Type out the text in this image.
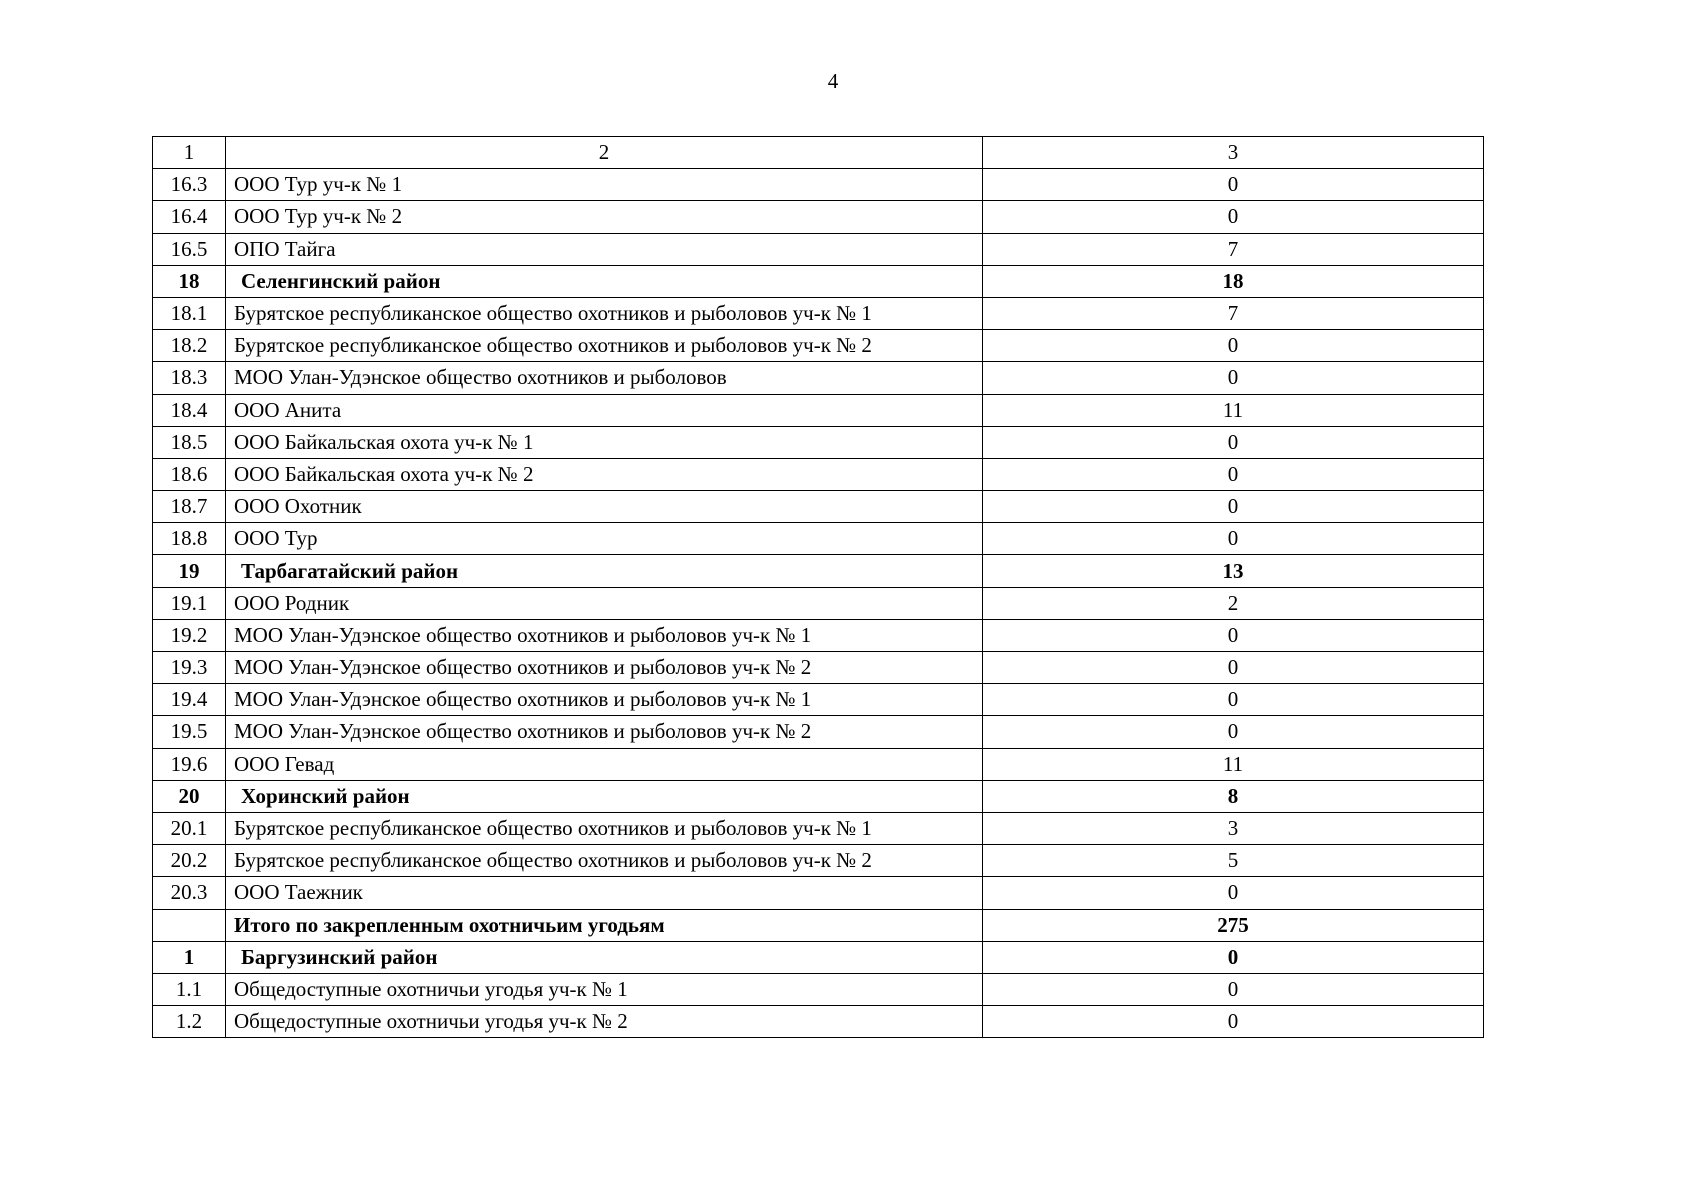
4
1	2	3
16.3	ООО Тур уч-к № 1	0
16.4	ООО Тур уч-к № 2	0
16.5	ОПО Тайга	7
18	Селенгинский район	18
18.1	Бурятское республиканское общество охотников и рыболовов уч-к № 1	7
18.2	Бурятское республиканское общество охотников и рыболовов уч-к № 2	0
18.3	МОО Улан-Удэнское общество охотников и рыболовов	0
18.4	ООО Анита	11
18.5	ООО Байкальская охота уч-к № 1	0
18.6	ООО Байкальская охота уч-к № 2	0
18.7	ООО Охотник	0
18.8	ООО Тур	0
19	Тарбагатайский район	13
19.1	ООО Родник	2
19.2	МОО Улан-Удэнское общество охотников и рыболовов уч-к № 1	0
19.3	МОО Улан-Удэнское общество охотников и рыболовов уч-к № 2	0
19.4	МОО Улан-Удэнское общество охотников и рыболовов уч-к № 1	0
19.5	МОО Улан-Удэнское общество охотников и рыболовов уч-к № 2	0
19.6	ООО Гевад	11
20	Хоринский район	8
20.1	Бурятское республиканское общество охотников и рыболовов уч-к № 1	3
20.2	Бурятское республиканское общество охотников и рыболовов уч-к № 2	5
20.3	ООО Таежник	0
	Итого по закрепленным охотничьим угодьям	275
1	Баргузинский район	0
1.1	Общедоступные охотничьи угодья уч-к № 1	0
1.2	Общедоступные охотничьи угодья уч-к № 2	0
